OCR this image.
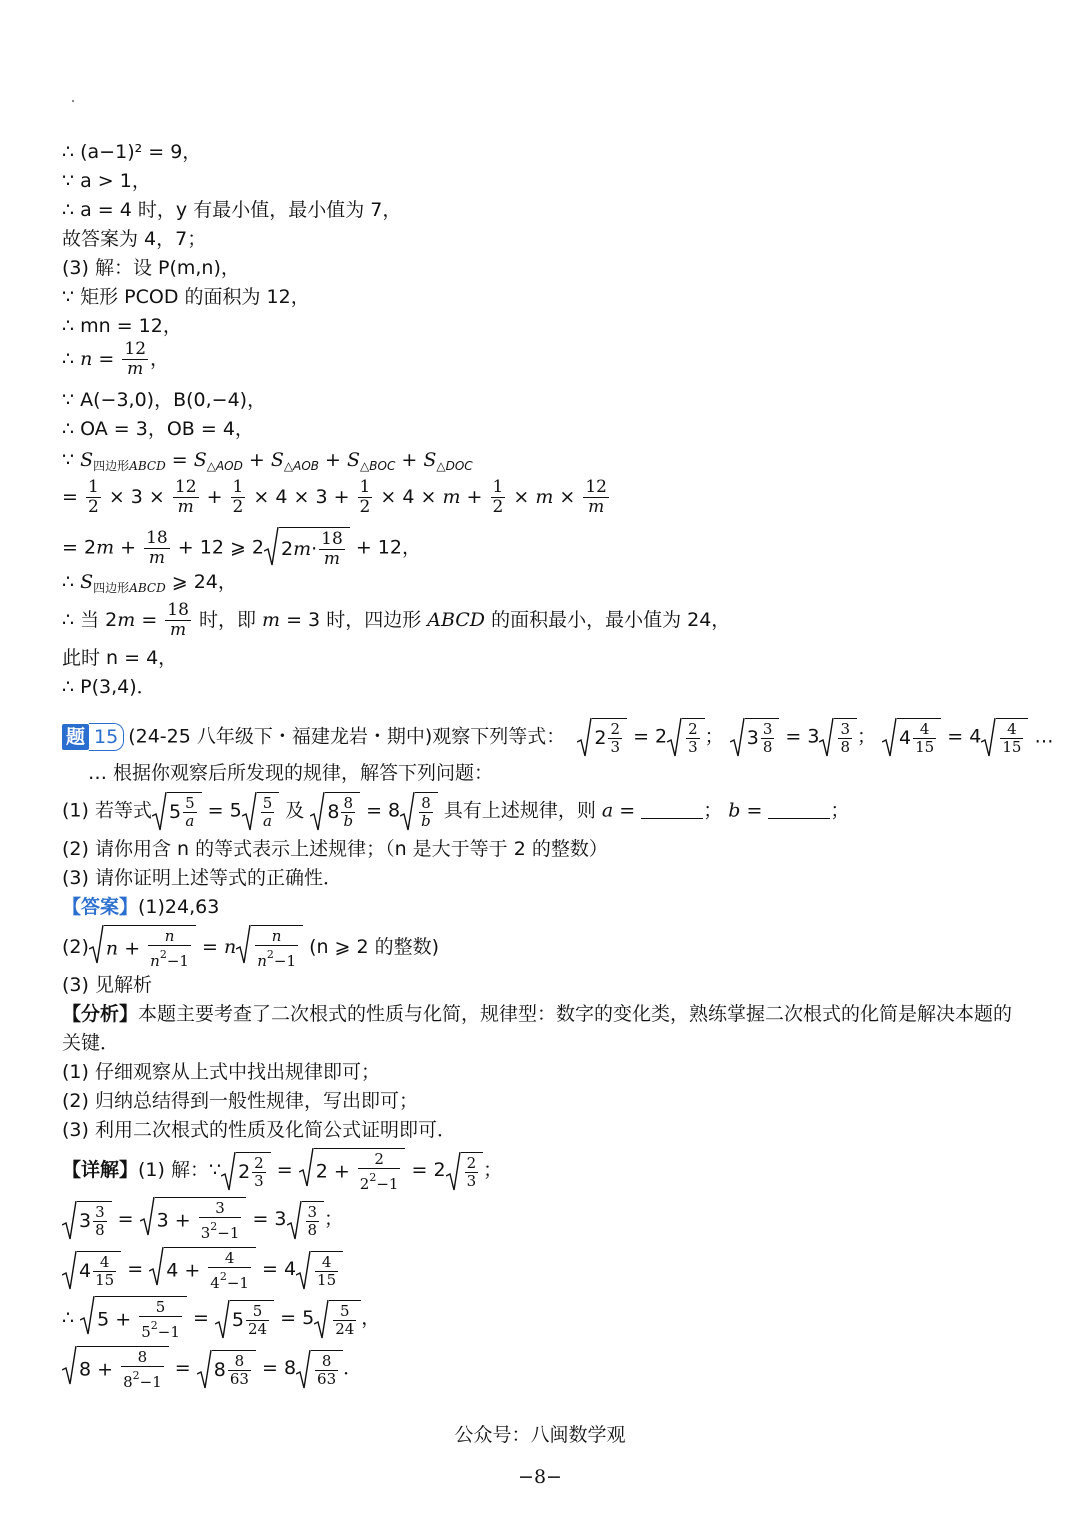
∴ (a−1)² = 9，
∵ a > 1，
∴ a = 4 时，y 有最小值，最小值为 7，
故答案为 4，7；
(3) 解：设 P(m,n)，
∵ 矩形 PCOD 的面积为 12，
∴ mn = 12，
∴ $n = \frac{12}{m}$ ，
∵ A(−3,0)，B(0,−4)，
∴ OA = 3，OB = 4，
∵ $S_{四边形ABCD} = S_{\triangle AOD} + S_{\triangle AOB} + S_{\triangle BOC} + S_{\triangle DOC}$
= $\frac{1}{2} \times 3 \times \frac{12}{m} + \frac{1}{2} \times 4 \times 3 + \frac{1}{2} \times 4 \times m + \frac{1}{2} \times m \times \frac{12}{m}$
= $2m + \frac{18}{m} + 12$ ⩾ 2 $2m\cdot \frac{18}{m} + 12$，
∴ $S_{四边形ABCD}$ ⩾ 24，
∴ 当 $2m = \frac{18}{m}$ 时，即 m = 3 时，四边形 ABCD 的面积最小，最小值为 24，
此时 n = 4，
∴ P(3,4)．
题 15 (24-25 八年级下・福建龙岩・期中)观察下列等式： $2 \frac{2}{3} = 2 \frac{2}{3}$ ；
$3 \frac{3}{8} = 3 \frac{3}{8}$ ；
$4 \frac{4}{15} = 4 \frac{4}{15}$ …
… 根据你观察后所发现的规律，解答下列问题：
(1) 若等式 $5 \frac{5}{a} = 5 \frac{5}{a}$ 及 $8 \frac{8}{b} = 8 \frac{8}{b}$ 具有上述规律，则 a =	； b =	；
(2) 请你用含 n 的等式表示上述规律；（n 是大于等于 2 的整数）
(3) 请你证明上述等式的正确性．
【答案】(1)24,63
(2) $n + \frac{n}{n^2-1} = n \frac{n}{n^2-1} (n$ ⩾ 2 的整数)
(3) 见解析
【分析】本题主要考查了二次根式的性质与化简，规律型：数字的变化类，熟练掌握二次根式的化简是解决本题的
关键．
(1) 仔细观察从上式中找出规律即可；
(2) 归纳总结得到一般性规律，写出即可；
(3) 利用二次根式的性质及化简公式证明即可．
【详解】(1) 解：∵ $2 \frac{2}{3}$ =
$2 + \frac{2}{2^2-1} = 2 \frac{2}{3}$ ；
$3 \frac{3}{8}$ =
$3 + \frac{3}{3^2-1} = 3 \frac{3}{8}$ ；
$4 \frac{4}{15}$ =
$4 + \frac{4}{4^2-1} = 4 \frac{4}{15}$
∴
$5 + \frac{5}{5^2-1}$ =
$5 \frac{5}{24} = 5 \frac{5}{24}$ ，
$8 + \frac{8}{8^2-1}$ =
$8 \frac{8}{63} = 8 \frac{8}{63}$ ．
公众号：八闽数学观
−8−
